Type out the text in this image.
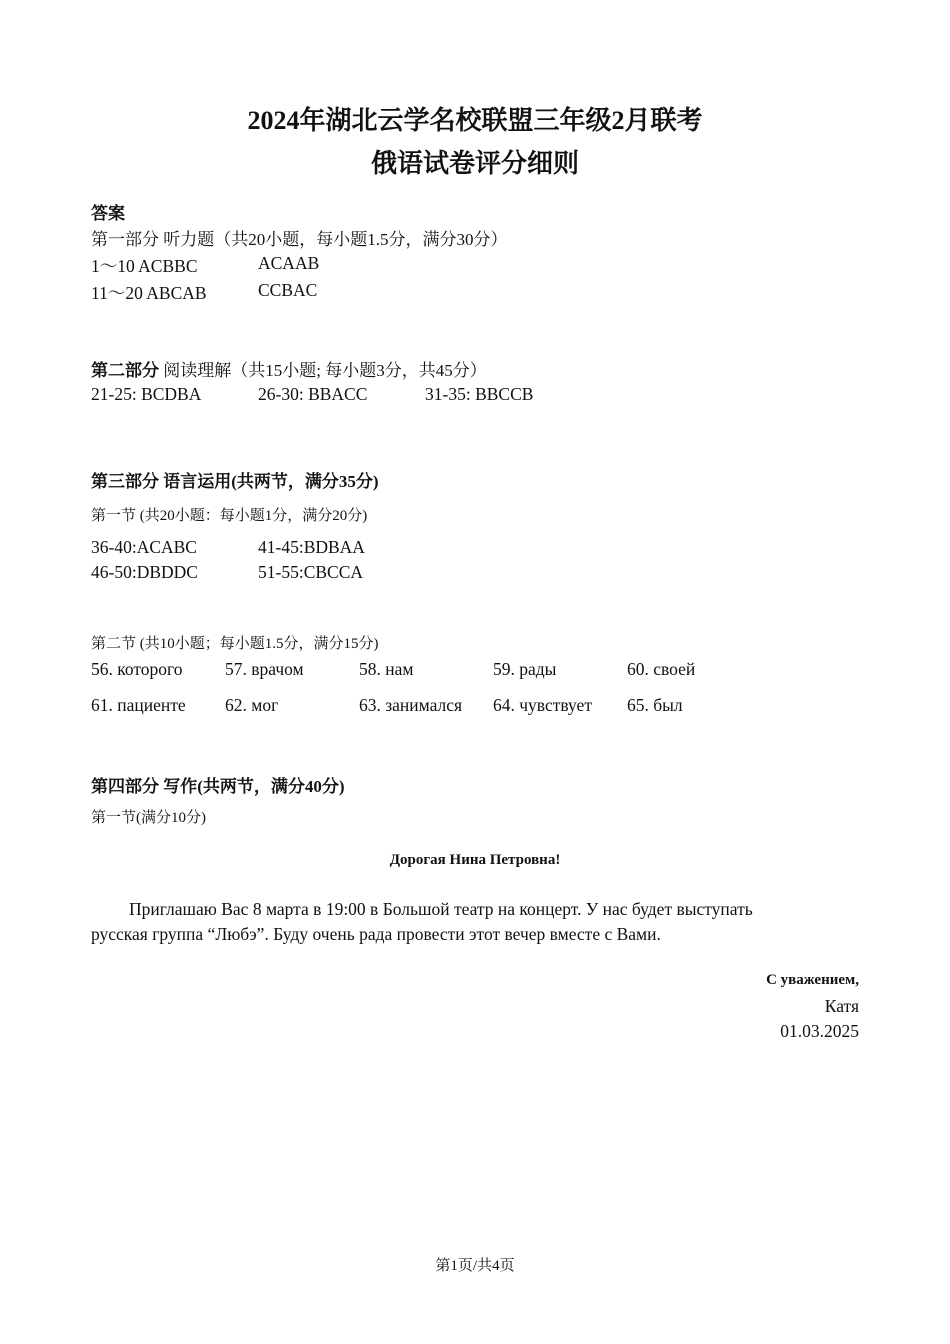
2024年湖北云学名校联盟三年级2月联考
俄语试卷评分细则
答案
第一部分 听力题（共20小题，每小题1.5分，满分30分）
1～10 ACBBC	ACAAB
11～20 ABCAB	CCBAC
第二部分 阅读理解（共15小题; 每小题3分，共45分）
21-25: BCDBA	26-30: BBACC	31-35: BBCCB
第三部分 语言运用(共两节，满分35分)
第一节 (共20小题：每小题1分，满分20分)
36-40:ACABC	41-45:BDBAA
46-50:DBDDC	51-55:CBCCA
第二节 (共10小题；每小题1.5分，满分15分)
56. которого 57. врачом	58. нам	59. рады	60. своей
61. пациенте 62. мог	63. занимался 64. чувствует 65. был
第四部分 写作(共两节，满分40分)
第一节(满分10分)
Дорогая Нина Петровна!
Приглашаю Вас 8 марта в 19:00 в Большой театр на концерт. У нас будет выступать
русская группа “Любэ”. Буду очень рада провести этот вечер вместе с Вами.
С уважением,
Катя
01.03.2025
第1页/共4页
